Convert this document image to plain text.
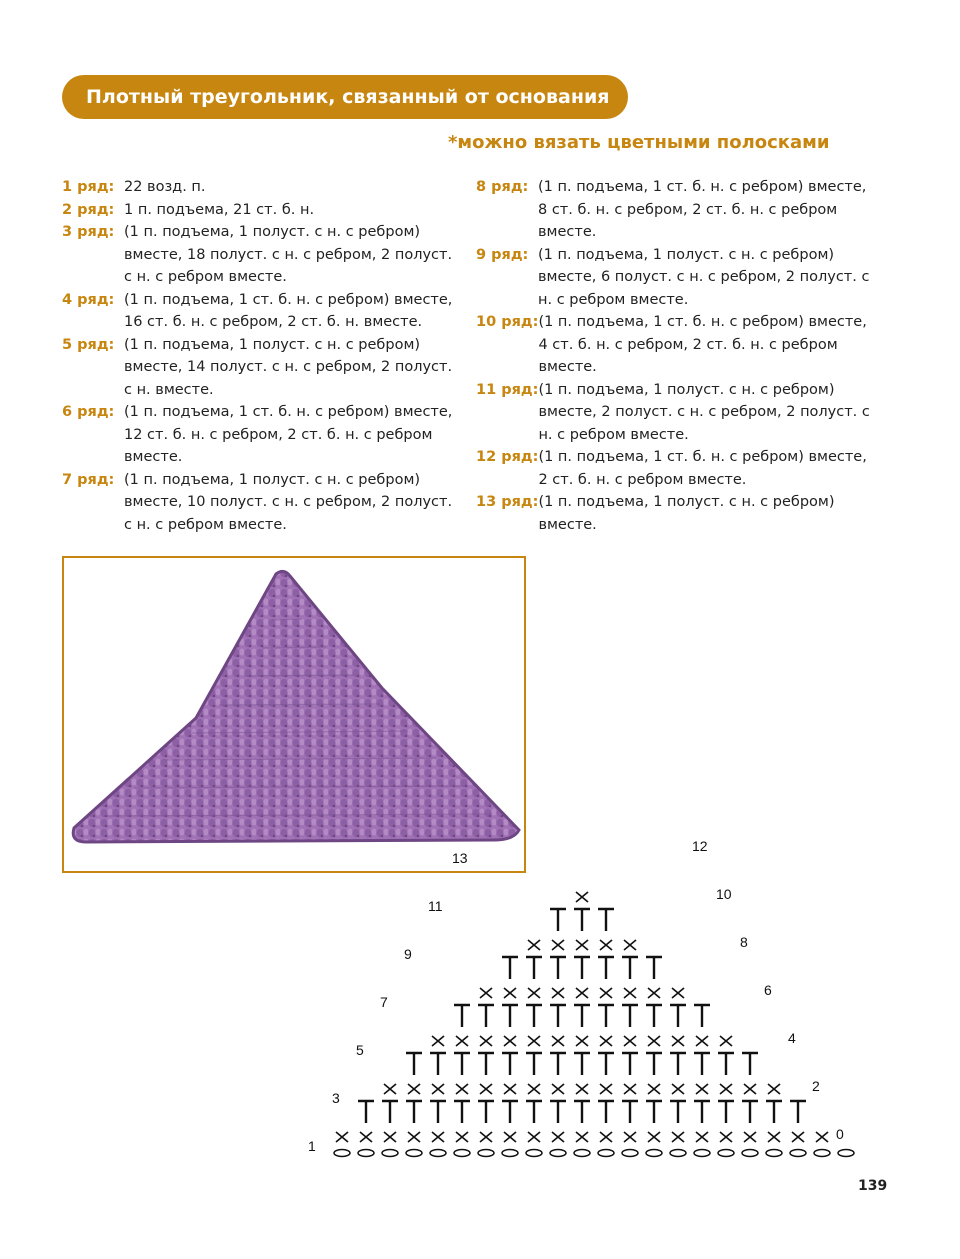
Плотный треугольник, связанный от основания
*можно вязать цветными полосками
1 ряд: 22 возд. п.
2 ряд: 1 п. подъема, 21 ст. б. н.
3 ряд: (1 п. подъема, 1 полуст. с н. с ребром) вместе, 18 полуст. с н. с ребром, 2 полуст. с н. с ребром вместе.
4 ряд: (1 п. подъема, 1 ст. б. н. с ребром) вместе, 16 ст. б. н. с ребром, 2 ст. б. н. вместе.
5 ряд: (1 п. подъема, 1 полуст. с н. с ребром) вместе, 14 полуст. с н. с ребром, 2 полуст. с н. вместе.
6 ряд: (1 п. подъема, 1 ст. б. н. с ребром) вместе, 12 ст. б. н. с ребром, 2 ст. б. н. с ребром вместе.
7 ряд: (1 п. подъема, 1 полуст. с н. с ребром) вместе, 10 полуст. с н. с ребром, 2 полуст. с н. с ребром вместе.
8 ряд: (1 п. подъема, 1 ст. б. н. с ребром) вместе, 8 ст. б. н. с ребром, 2 ст. б. н. с ребром вместе.
9 ряд: (1 п. подъема, 1 полуст. с н. с ребром) вместе, 6 полуст. с н. с ребром, 2 полуст. с н. с ребром вместе.
10 ряд: (1 п. подъема, 1 ст. б. н. с ребром) вместе, 4 ст. б. н. с ребром, 2 ст. б. н. с ребром вместе.
11 ряд: (1 п. подъема, 1 полуст. с н. с ребром) вместе, 2 полуст. с н. с ребром, 2 полуст. с н. с ребром вместе.
12 ряд: (1 п. подъема, 1 ст. б. н. с ребром) вместе, 2 ст. б. н. с ребром вместе.
13 ряд: (1 п. подъема, 1 полуст. с н. с ребром) вместе.
1
3
5
7
9
11
13
0
2
4
6
8
10
12
139
